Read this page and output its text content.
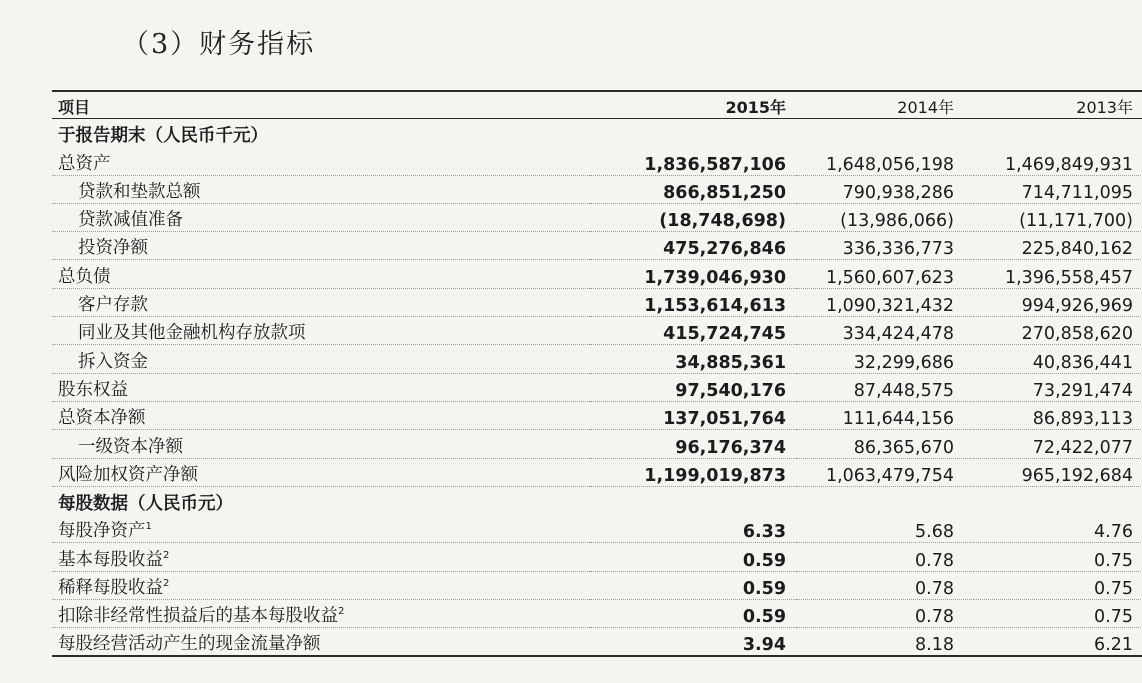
（3）财务指标
项目	2015年	2014年	2013年
于报告期末（人民币千元）			
总资产	1,836,587,106	1,648,056,198	1,469,849,931
贷款和垫款总额	866,851,250	790,938,286	714,711,095
贷款减值准备	(18,748,698)	(13,986,066)	(11,171,700)
投资净额	475,276,846	336,336,773	225,840,162
总负债	1,739,046,930	1,560,607,623	1,396,558,457
客户存款	1,153,614,613	1,090,321,432	994,926,969
同业及其他金融机构存放款项	415,724,745	334,424,478	270,858,620
拆入资金	34,885,361	32,299,686	40,836,441
股东权益	97,540,176	87,448,575	73,291,474
总资本净额	137,051,764	111,644,156	86,893,113
一级资本净额	96,176,374	86,365,670	72,422,077
风险加权资产净额	1,199,019,873	1,063,479,754	965,192,684
每股数据（人民币元）			
每股净资产$^1$	6.33	5.68	4.76
基本每股收益$^2$	0.59	0.78	0.75
稀释每股收益$^2$	0.59	0.78	0.75
扣除非经常性损益后的基本每股收益$^2$	0.59	0.78	0.75
每股经营活动产生的现金流量净额	3.94	8.18	6.21
